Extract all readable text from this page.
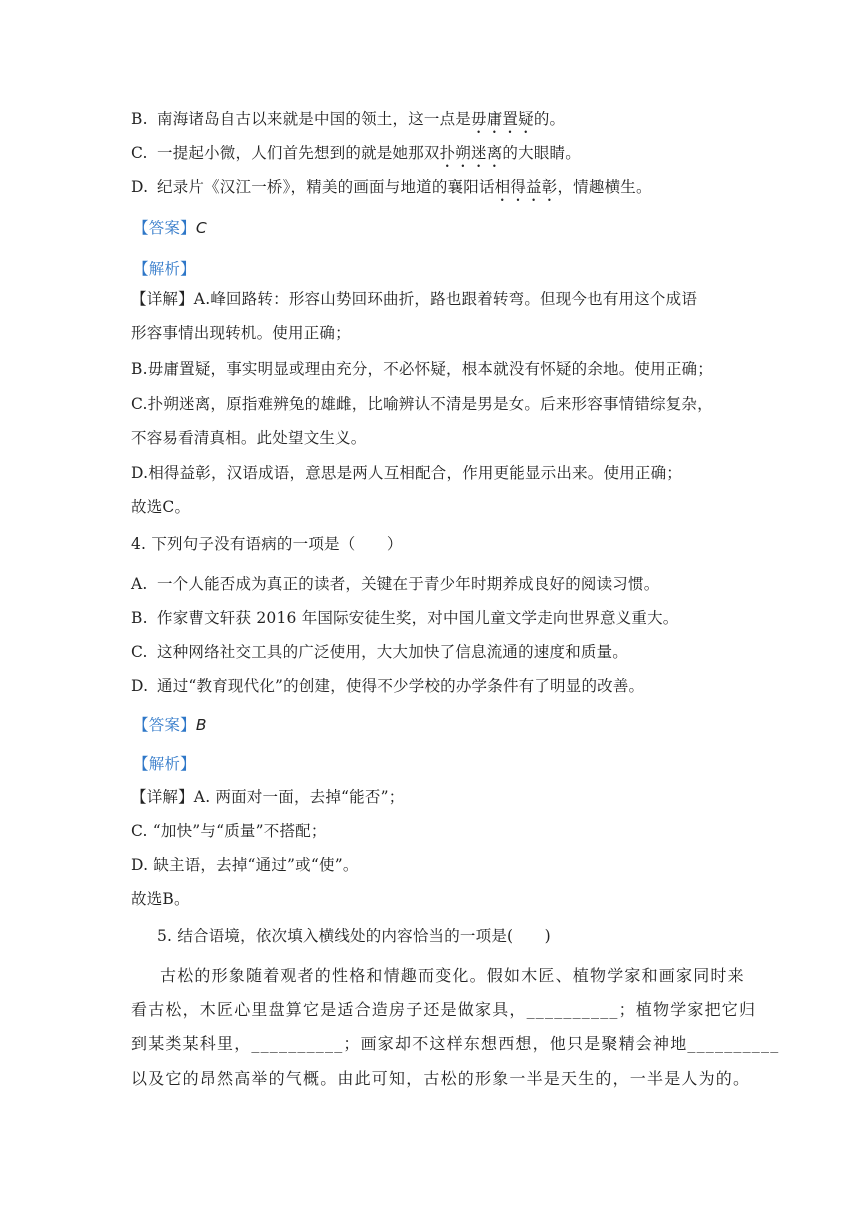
B. 南海诸岛自古以来就是中国的领土，这一点是毋庸置疑的。
C. 一提起小微，人们首先想到的就是她那双扑朔迷离的大眼睛。
D. 纪录片《汉江一桥》，精美的画面与地道的襄阳话相得益彰，情趣横生。
【答案】C
【解析】
【详解】A.峰回路转：形容山势回环曲折，路也跟着转弯。但现今也有用这个成语
形容事情出现转机。使用正确；
B.毋庸置疑，事实明显或理由充分，不必怀疑，根本就没有怀疑的余地。使用正确；
C.扑朔迷离，原指难辨兔的雄雌，比喻辨认不清是男是女。后来形容事情错综复杂，
不容易看清真相。此处望文生义。
D.相得益彰，汉语成语，意思是两人互相配合，作用更能显示出来。使用正确；
故选C。
4. 下列句子没有语病的一项是（　　）
A. 一个人能否成为真正的读者，关键在于青少年时期养成良好的阅读习惯。
B. 作家曹文轩获 2016 年国际安徒生奖，对中国儿童文学走向世界意义重大。
C. 这种网络社交工具的广泛使用，大大加快了信息流通的速度和质量。
D. 通过“教育现代化”的创建，使得不少学校的办学条件有了明显的改善。
【答案】B
【解析】
【详解】A. 两面对一面，去掉“能否”；
C. “加快”与“质量”不搭配；
D. 缺主语，去掉“通过”或“使”。
故选B。
5. 结合语境，依次填入横线处的内容恰当的一项是(　　)
古松的形象随着观者的性格和情趣而变化。假如木匠、植物学家和画家同时来
看古松，木匠心里盘算它是适合造房子还是做家具，__________；植物学家把它归
到某类某科里，__________；画家却不这样东想西想，他只是聚精会神地__________
以及它的昂然高举的气概。由此可知，古松的形象一半是天生的，一半是人为的。
